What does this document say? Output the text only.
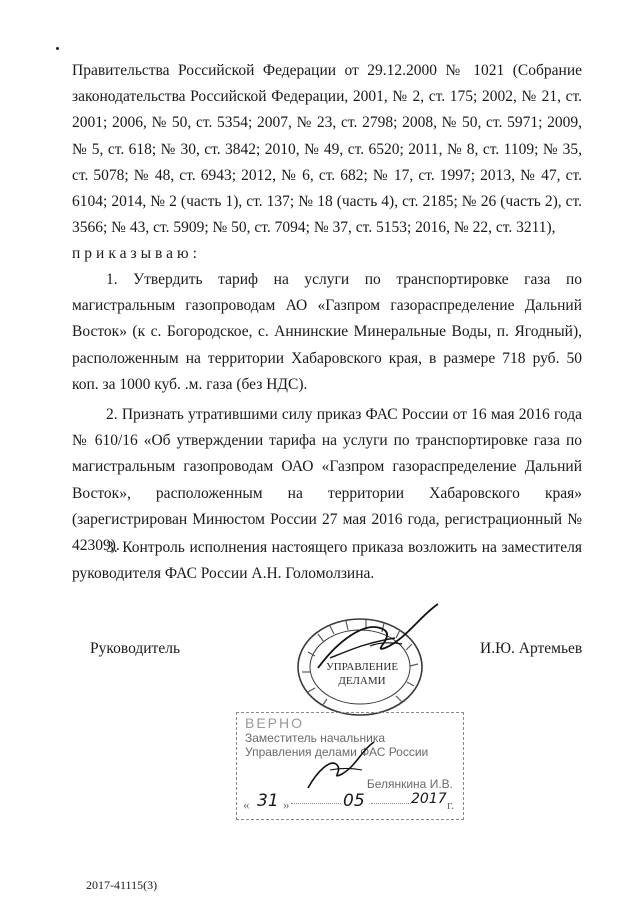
Правительства Российской Федерации от 29.12.2000 № 1021 (Собрание законодательства Российской Федерации, 2001, № 2, ст. 175; 2002, № 21, ст. 2001; 2006, № 50, ст. 5354; 2007, № 23, ст. 2798; 2008, № 50, ст. 5971; 2009, № 5, ст. 618; № 30, ст. 3842; 2010, № 49, ст. 6520; 2011, № 8, ст. 1109; № 35, ст. 5078; № 48, ст. 6943; 2012, № 6, ст. 682; № 17, ст. 1997; 2013, № 47, ст. 6104; 2014, № 2 (часть 1), ст. 137; № 18 (часть 4), ст. 2185; № 26 (часть 2), ст. 3566; № 43, ст. 5909; № 50, ст. 7094; № 37, ст. 5153; 2016, № 22, ст. 3211),

приказываю:

1. Утвердить тариф на услуги по транспортировке газа по магистральным газопроводам АО «Газпром газораспределение Дальний Восток» (к с. Богородское, с. Аннинские Минеральные Воды, п. Ягодный), расположенным на территории Хабаровского края, в размере 718 руб. 50 коп. за 1000 куб. .м. газа (без НДС).

2. Признать утратившими силу приказ ФАС России от 16 мая 2016 года № 610/16 «Об утверждении тарифа на услуги по транспортировке газа по магистральным газопроводам ОАО «Газпром газораспределение Дальний Восток», расположенным на территории Хабаровского края» (зарегистрирован Минюстом России 27 мая 2016 года, регистрационный № 42309).

3. Контроль исполнения настоящего приказа возложить на заместителя руководителя ФАС России А.Н. Голомолзина.

Руководитель	И.Ю. Артемьев
УПРАВЛЕНИЕ
ДЕЛАМИ
ВЕРНО
Заместитель начальника
Управления делами ФАС России
Белянкина И.В.
« 31 »	05	2017 г.
2017-41115(3)
